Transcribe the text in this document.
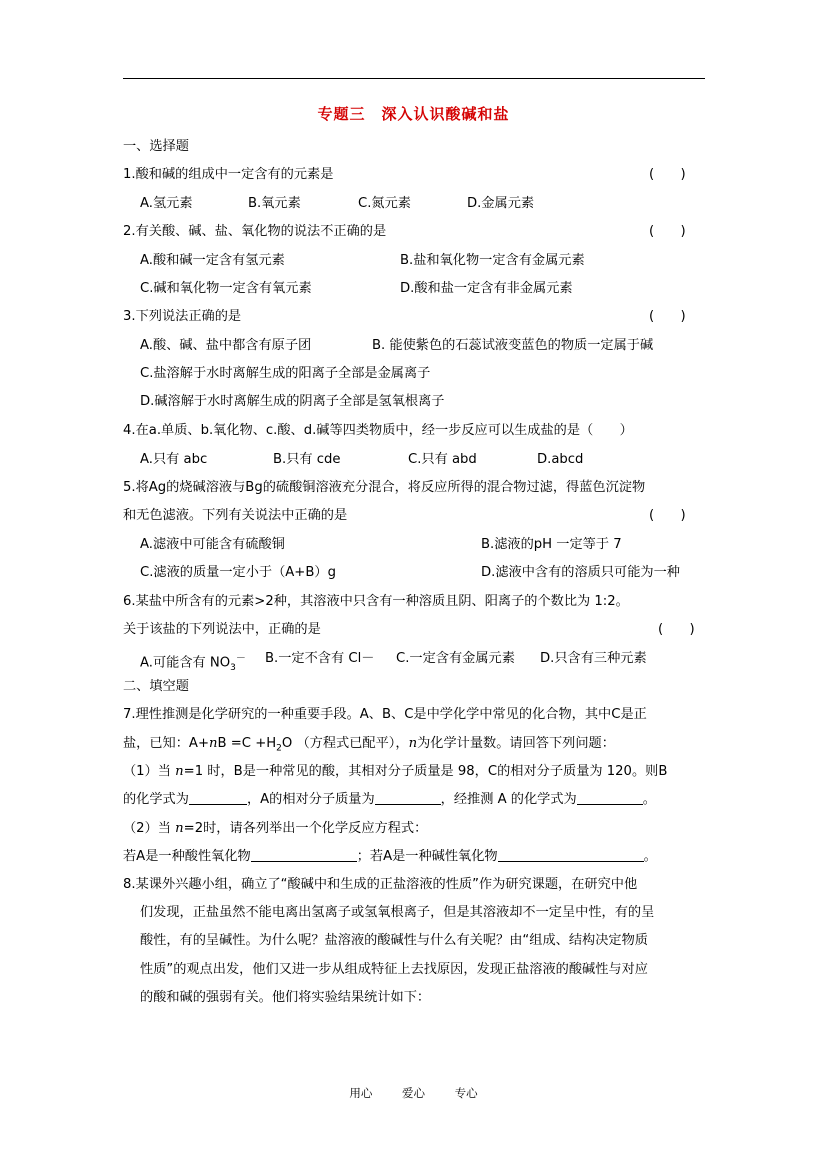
专题三　深入认识酸碱和盐
一、选择题
1.酸和碱的组成中一定含有的元素是	(　　)
A.氢元素	B.氧元素	C.氮元素	D.金属元素
2.有关酸、碱、盐、氧化物的说法不正确的是	(　　)
A.酸和碱一定含有氢元素	B.盐和氧化物一定含有金属元素
C.碱和氧化物一定含有氧元素	D.酸和盐一定含有非金属元素
3.下列说法正确的是	(　　)
A.酸、碱、盐中都含有原子团	B. 能使紫色的石蕊试液变蓝色的物质一定属于碱
C.盐溶解于水时离解生成的阳离子全部是金属离子
D.碱溶解于水时离解生成的阴离子全部是氢氧根离子
4.在a.单质、b.氧化物、c.酸、d.碱等四类物质中，经一步反应可以生成盐的是（　　）
A.只有 abc	B.只有 cde	C.只有 abd	D.abcd
5.将Ag的烧碱溶液与Bg的硫酸铜溶液充分混合，将反应所得的混合物过滤，得蓝色沉淀物
和无色滤液。下列有关说法中正确的是	(　　)
A.滤液中可能含有硫酸铜	B.滤液的pH 一定等于 7
C.滤液的质量一定小于（A+B）g	D.滤液中含有的溶质只可能为一种
6.某盐中所含有的元素>2种，其溶液中只含有一种溶质且阴、阳离子的个数比为 1:2。
关于该盐的下列说法中，正确的是	(　　)
A.可能含有 $NO_3^-$ B.一定不含有 Cl－ C.一定含有金属元素 D.只含有三种元素
二、填空题
7.理性推测是化学研究的一种重要手段。A、B、C是中学化学中常见的化合物，其中C是正
盐，已知：$A+nB =C +H_2O$ （方程式已配平），n为化学计量数。请回答下列问题：
（1）当 n=1 时，B是一种常见的酸，其相对分子质量是 98，C的相对分子质量为 120。则B
的化学式为	，A的相对分子质量为	，经推测 A 的化学式为	。
（2）当 n=2时，请各列举出一个化学反应方程式：
若A是一种酸性氧化物	；若A是一种碱性氧化物	。
8.某课外兴趣小组，确立了“酸碱中和生成的正盐溶液的性质”作为研究课题，在研究中他
们发现，正盐虽然不能电离出氢离子或氢氧根离子，但是其溶液却不一定呈中性，有的呈
酸性，有的呈碱性。为什么呢？盐溶液的酸碱性与什么有关呢？由“组成、结构决定物质
性质”的观点出发，他们又进一步从组成特征上去找原因，发现正盐溶液的酸碱性与对应
的酸和碱的强弱有关。他们将实验结果统计如下：
用心	爱心	专心
